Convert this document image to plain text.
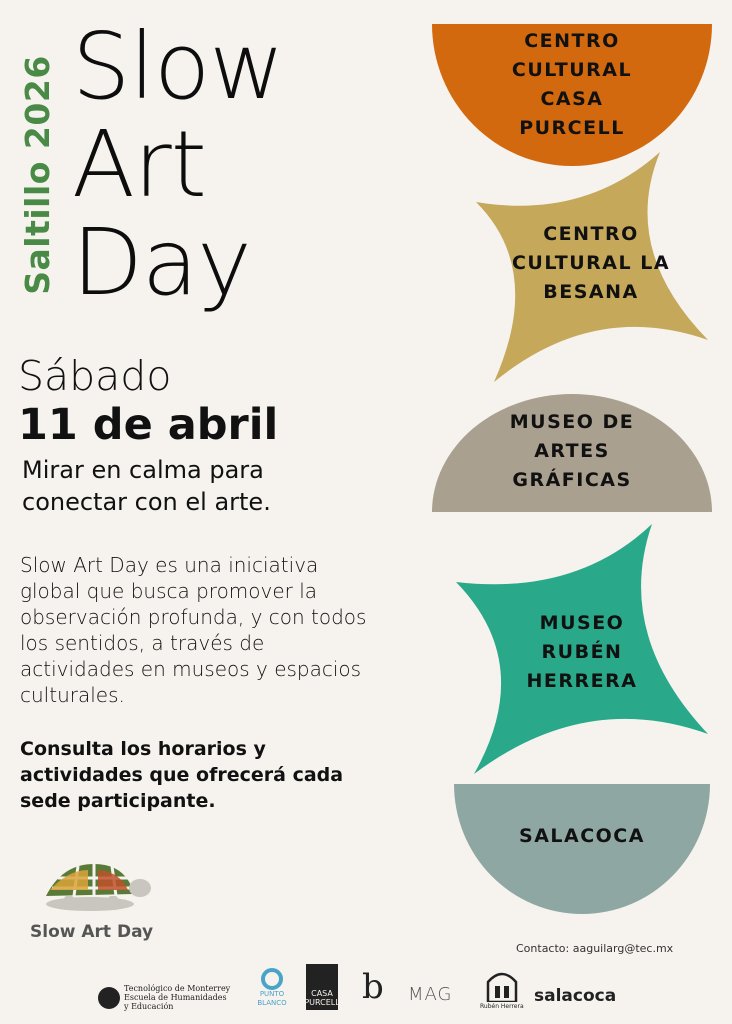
Saltillo 2026 Slow
Art
Day
Sábado
11 de abril
Mirar en calma para conectar con el arte.
Slow Art Day es una iniciativa global que busca promover la observación profunda, y con todos los sentidos, a través de actividades en museos y espacios culturales.
Consulta los horarios y actividades que ofrecerá cada sede participante.
CENTRO CULTURAL CASA PURCELL
CENTRO CULTURAL LA BESANA
MUSEO DE ARTES GRÁFICAS
MUSEO RUBÉN HERRERA
SALACOCA
Slow Art Day
Contacto: aaguilarg@tec.mx
Tecnológico de Monterrey
Escuela de Humanidades
y Educación
PUNTO BLANCO
CASA PURCELL b MAG
Rubén Herrera
salacoca
